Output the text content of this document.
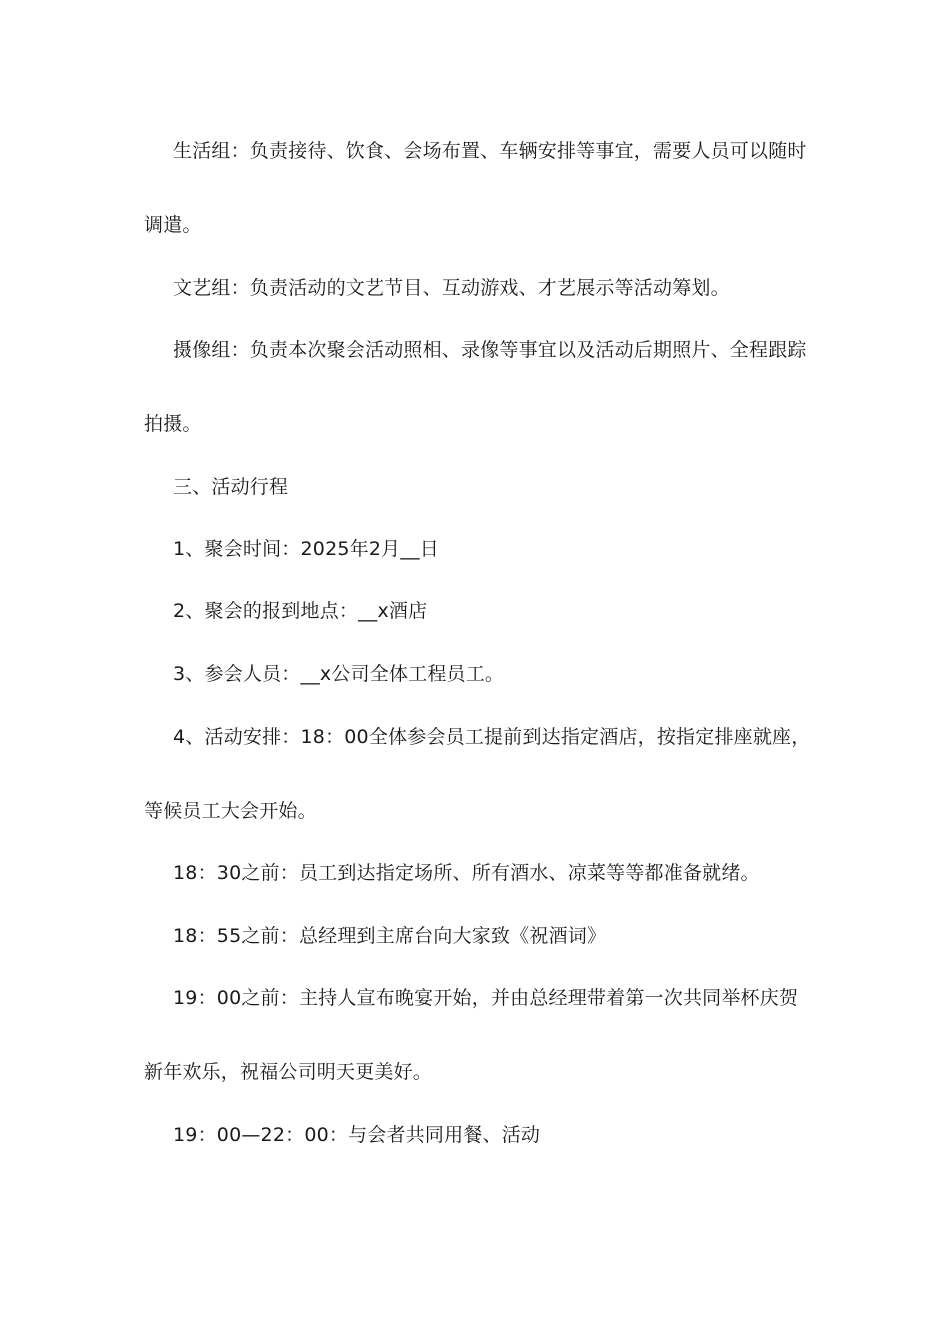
生活组：负责接待、饮食、会场布置、车辆安排等事宜，需要人员可以随时
调遣。
文艺组：负责活动的文艺节目、互动游戏、才艺展示等活动筹划。
摄像组：负责本次聚会活动照相、录像等事宜以及活动后期照片、全程跟踪
拍摄。
三、活动行程
1、聚会时间：2025年2月__日
2、聚会的报到地点：__x酒店
3、参会人员：__x公司全体工程员工。
4、活动安排：18：00全体参会员工提前到达指定酒店，按指定排座就座，
等候员工大会开始。
18：30之前：员工到达指定场所、所有酒水、凉菜等等都准备就绪。
18：55之前：总经理到主席台向大家致《祝酒词》
19：00之前：主持人宣布晚宴开始，并由总经理带着第一次共同举杯庆贺
新年欢乐，祝福公司明天更美好。
19：00—22：00：与会者共同用餐、活动
